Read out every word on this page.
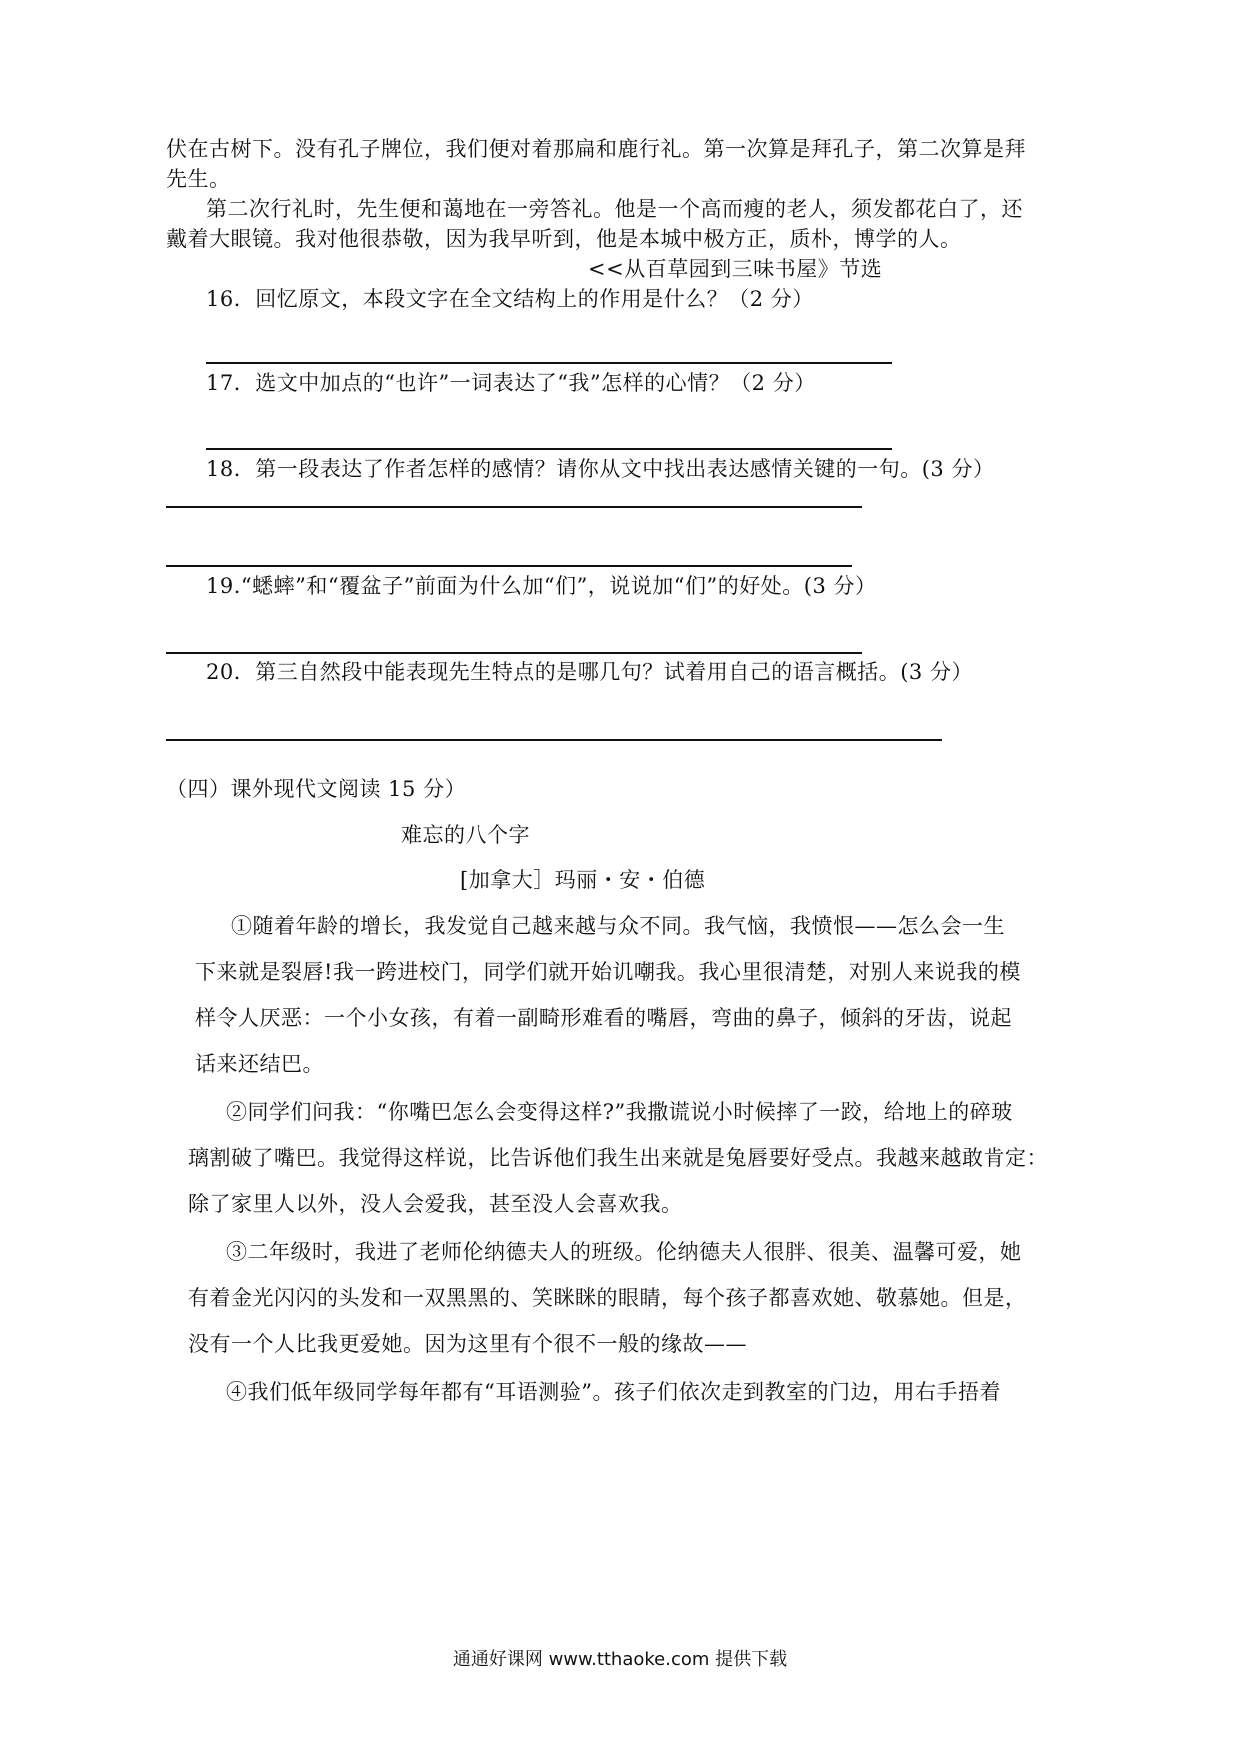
伏在古树下。没有孔子牌位，我们便对着那扁和鹿行礼。第一次算是拜孔子，第二次算是拜
先生。
第二次行礼时，先生便和蔼地在一旁答礼。他是一个高而瘦的老人，须发都花白了，还
戴着大眼镜。我对他很恭敬，因为我早听到，他是本城中极方正，质朴，博学的人。
<<从百草园到三味书屋》节选
16．回忆原文，本段文字在全文结构上的作用是什么？（2 分）
17．选文中加点的“也许”一词表达了“我”怎样的心情？（2 分）
18．第一段表达了作者怎样的感情？请你从文中找出表达感情关键的一句。(3 分）
19.“蟋蟀”和“覆盆子”前面为什么加“们”，说说加“们”的好处。(3 分）
20．第三自然段中能表现先生特点的是哪几句？试着用自己的语言概括。(3 分）
（四）课外现代文阅读 15 分）
难忘的八个字
[加拿大］玛丽・安・伯德
①随着年龄的增长，我发觉自己越来越与众不同。我气恼，我愤恨——怎么会一生
下来就是裂唇!我一跨进校门，同学们就开始讥嘲我。我心里很清楚，对别人来说我的模
样令人厌恶：一个小女孩，有着一副畸形难看的嘴唇，弯曲的鼻子，倾斜的牙齿，说起
话来还结巴。
②同学们问我：“你嘴巴怎么会变得这样?”我撒谎说小时候摔了一跤，给地上的碎玻
璃割破了嘴巴。我觉得这样说，比告诉他们我生出来就是兔唇要好受点。我越来越敢肯定：
除了家里人以外，没人会爱我，甚至没人会喜欢我。
③二年级时，我进了老师伦纳德夫人的班级。伦纳德夫人很胖、很美、温馨可爱，她
有着金光闪闪的头发和一双黑黑的、笑眯眯的眼睛，每个孩子都喜欢她、敬慕她。但是，
没有一个人比我更爱她。因为这里有个很不一般的缘故——
④我们低年级同学每年都有“耳语测验”。孩子们依次走到教室的门边，用右手捂着
通通好课网 www.tthaoke.com 提供下载
